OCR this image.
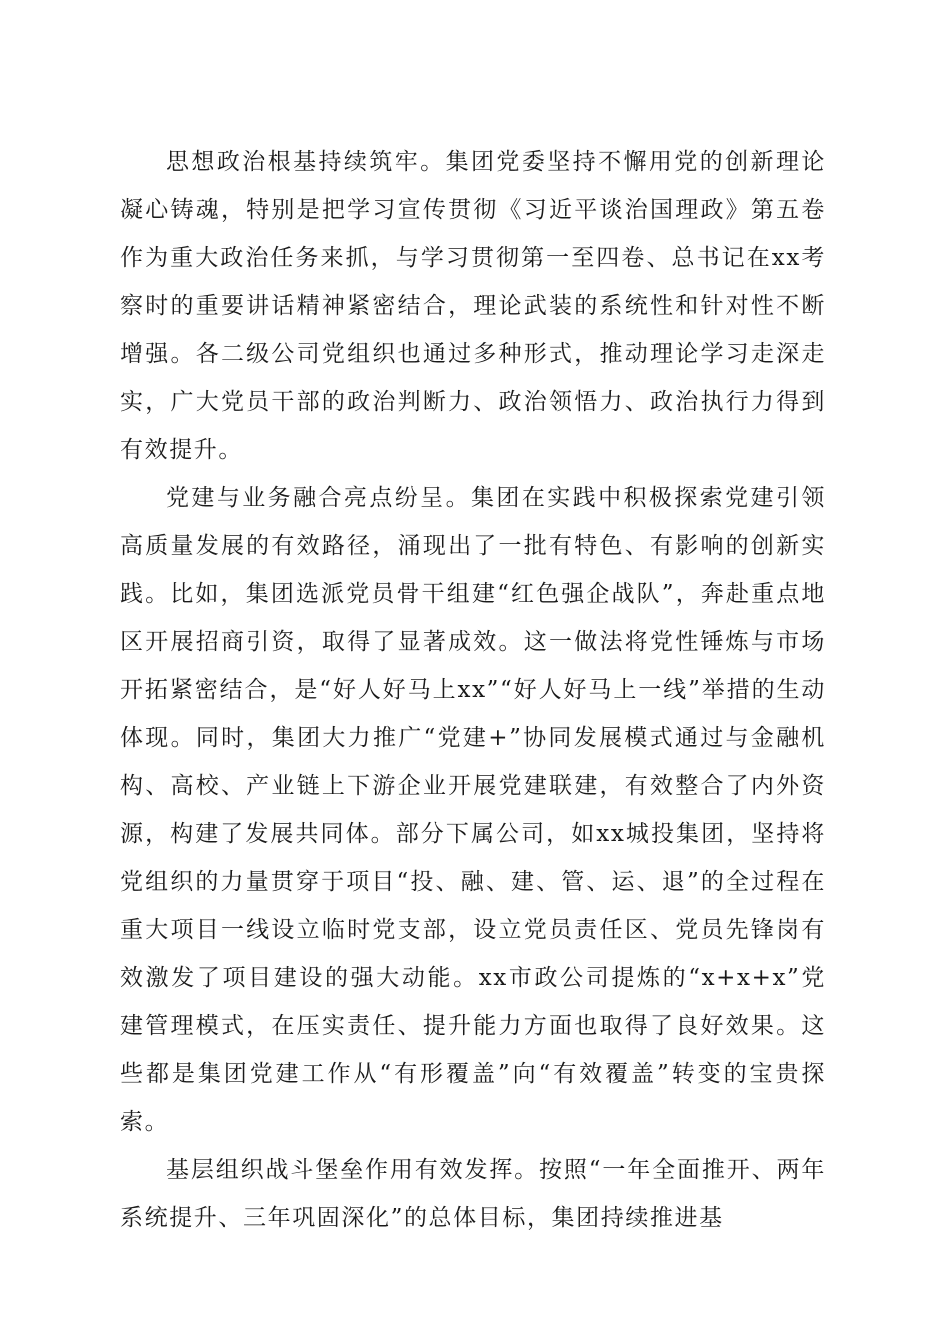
思想政治根基持续筑牢。集团党委坚持不懈用党的创新理论凝心铸魂，特别是把学习宣传贯彻《习近平谈治国理政》第五卷作为重大政治任务来抓，与学习贯彻第一至四卷、总书记在xx考察时的重要讲话精神紧密结合，理论武装的系统性和针对性不断增强。各二级公司党组织也通过多种形式，推动理论学习走深走实，广大党员干部的政治判断力、政治领悟力、政治执行力得到有效提升。

党建与业务融合亮点纷呈。集团在实践中积极探索党建引领高质量发展的有效路径，涌现出了一批有特色、有影响的创新实践。比如，集团选派党员骨干组建“红色强企战队”，奔赴重点地区开展招商引资，取得了显著成效。这一做法将党性锤炼与市场开拓紧密结合，是“好人好马上xx”“好人好马上一线”举措的生动体现。同时，集团大力推广“党建+”协同发展模式通过与金融机构、高校、产业链上下游企业开展党建联建，有效整合了内外资源，构建了发展共同体。部分下属公司，如xx城投集团，坚持将党组织的力量贯穿于项目“投、融、建、管、运、退”的全过程在重大项目一线设立临时党支部，设立党员责任区、党员先锋岗有效激发了项目建设的强大动能。xx市政公司提炼的“x+x+x”党建管理模式，在压实责任、提升能力方面也取得了良好效果。这些都是集团党建工作从“有形覆盖”向“有效覆盖”转变的宝贵探索。

基层组织战斗堡垒作用有效发挥。按照“一年全面推开、两年系统提升、三年巩固深化”的总体目标，集团持续推进基
